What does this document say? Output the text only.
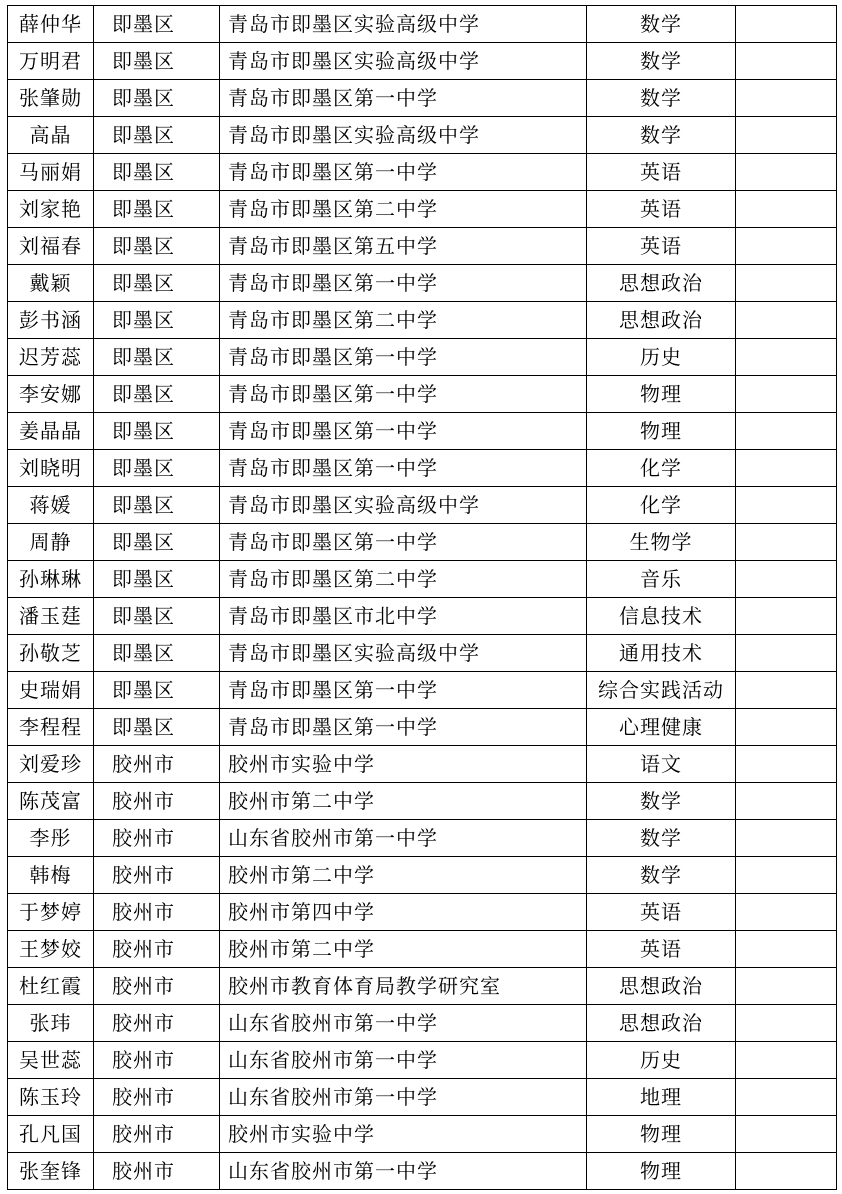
薛仲华	即墨区	青岛市即墨区实验高级中学	数学	
万明君	即墨区	青岛市即墨区实验高级中学	数学	
张肇勋	即墨区	青岛市即墨区第一中学	数学	
高晶	即墨区	青岛市即墨区实验高级中学	数学	
马丽娟	即墨区	青岛市即墨区第一中学	英语	
刘家艳	即墨区	青岛市即墨区第二中学	英语	
刘福春	即墨区	青岛市即墨区第五中学	英语	
戴颖	即墨区	青岛市即墨区第一中学	思想政治	
彭书涵	即墨区	青岛市即墨区第二中学	思想政治	
迟芳蕊	即墨区	青岛市即墨区第一中学	历史	
李安娜	即墨区	青岛市即墨区第一中学	物理	
姜晶晶	即墨区	青岛市即墨区第一中学	物理	
刘晓明	即墨区	青岛市即墨区第一中学	化学	
蒋媛	即墨区	青岛市即墨区实验高级中学	化学	
周静	即墨区	青岛市即墨区第一中学	生物学	
孙琳琳	即墨区	青岛市即墨区第二中学	音乐	
潘玉莛	即墨区	青岛市即墨区市北中学	信息技术	
孙敬芝	即墨区	青岛市即墨区实验高级中学	通用技术	
史瑞娟	即墨区	青岛市即墨区第一中学	综合实践活动	
李程程	即墨区	青岛市即墨区第一中学	心理健康	
刘爱珍	胶州市	胶州市实验中学	语文	
陈茂富	胶州市	胶州市第二中学	数学	
李彤	胶州市	山东省胶州市第一中学	数学	
韩梅	胶州市	胶州市第二中学	数学	
于梦婷	胶州市	胶州市第四中学	英语	
王梦姣	胶州市	胶州市第二中学	英语	
杜红霞	胶州市	胶州市教育体育局教学研究室	思想政治	
张玮	胶州市	山东省胶州市第一中学	思想政治	
吴世蕊	胶州市	山东省胶州市第一中学	历史	
陈玉玲	胶州市	山东省胶州市第一中学	地理	
孔凡国	胶州市	胶州市实验中学	物理	
张奎锋	胶州市	山东省胶州市第一中学	物理	
